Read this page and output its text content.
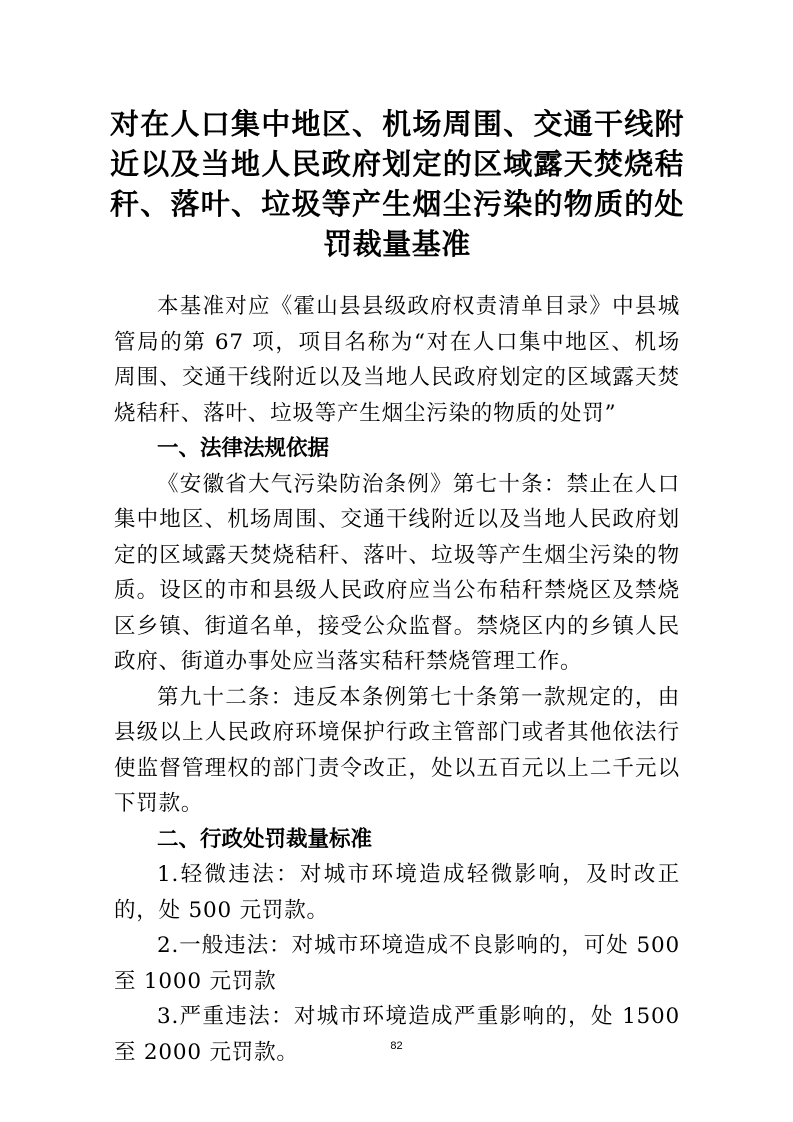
对在人口集中地区、机场周围、交通干线附近以及当地人民政府划定的区域露天焚烧秸秆、落叶、垃圾等产生烟尘污染的物质的处罚裁量基准

本基准对应《霍山县县级政府权责清单目录》中县城管局的第 67 项，项目名称为“对在人口集中地区、机场周围、交通干线附近以及当地人民政府划定的区域露天焚烧秸秆、落叶、垃圾等产生烟尘污染的物质的处罚”

一、法律法规依据

《安徽省大气污染防治条例》第七十条：禁止在人口集中地区、机场周围、交通干线附近以及当地人民政府划定的区域露天焚烧秸秆、落叶、垃圾等产生烟尘污染的物质。设区的市和县级人民政府应当公布秸秆禁烧区及禁烧区乡镇、街道名单，接受公众监督。禁烧区内的乡镇人民政府、街道办事处应当落实秸秆禁烧管理工作。

第九十二条：违反本条例第七十条第一款规定的，由县级以上人民政府环境保护行政主管部门或者其他依法行使监督管理权的部门责令改正，处以五百元以上二千元以下罚款。

二、行政处罚裁量标准

1.轻微违法：对城市环境造成轻微影响，及时改正的，处 500 元罚款。

2.一般违法：对城市环境造成不良影响的，可处 500 至 1000 元罚款

3.严重违法：对城市环境造成严重影响的，处 1500 至 2000 元罚款。	82
